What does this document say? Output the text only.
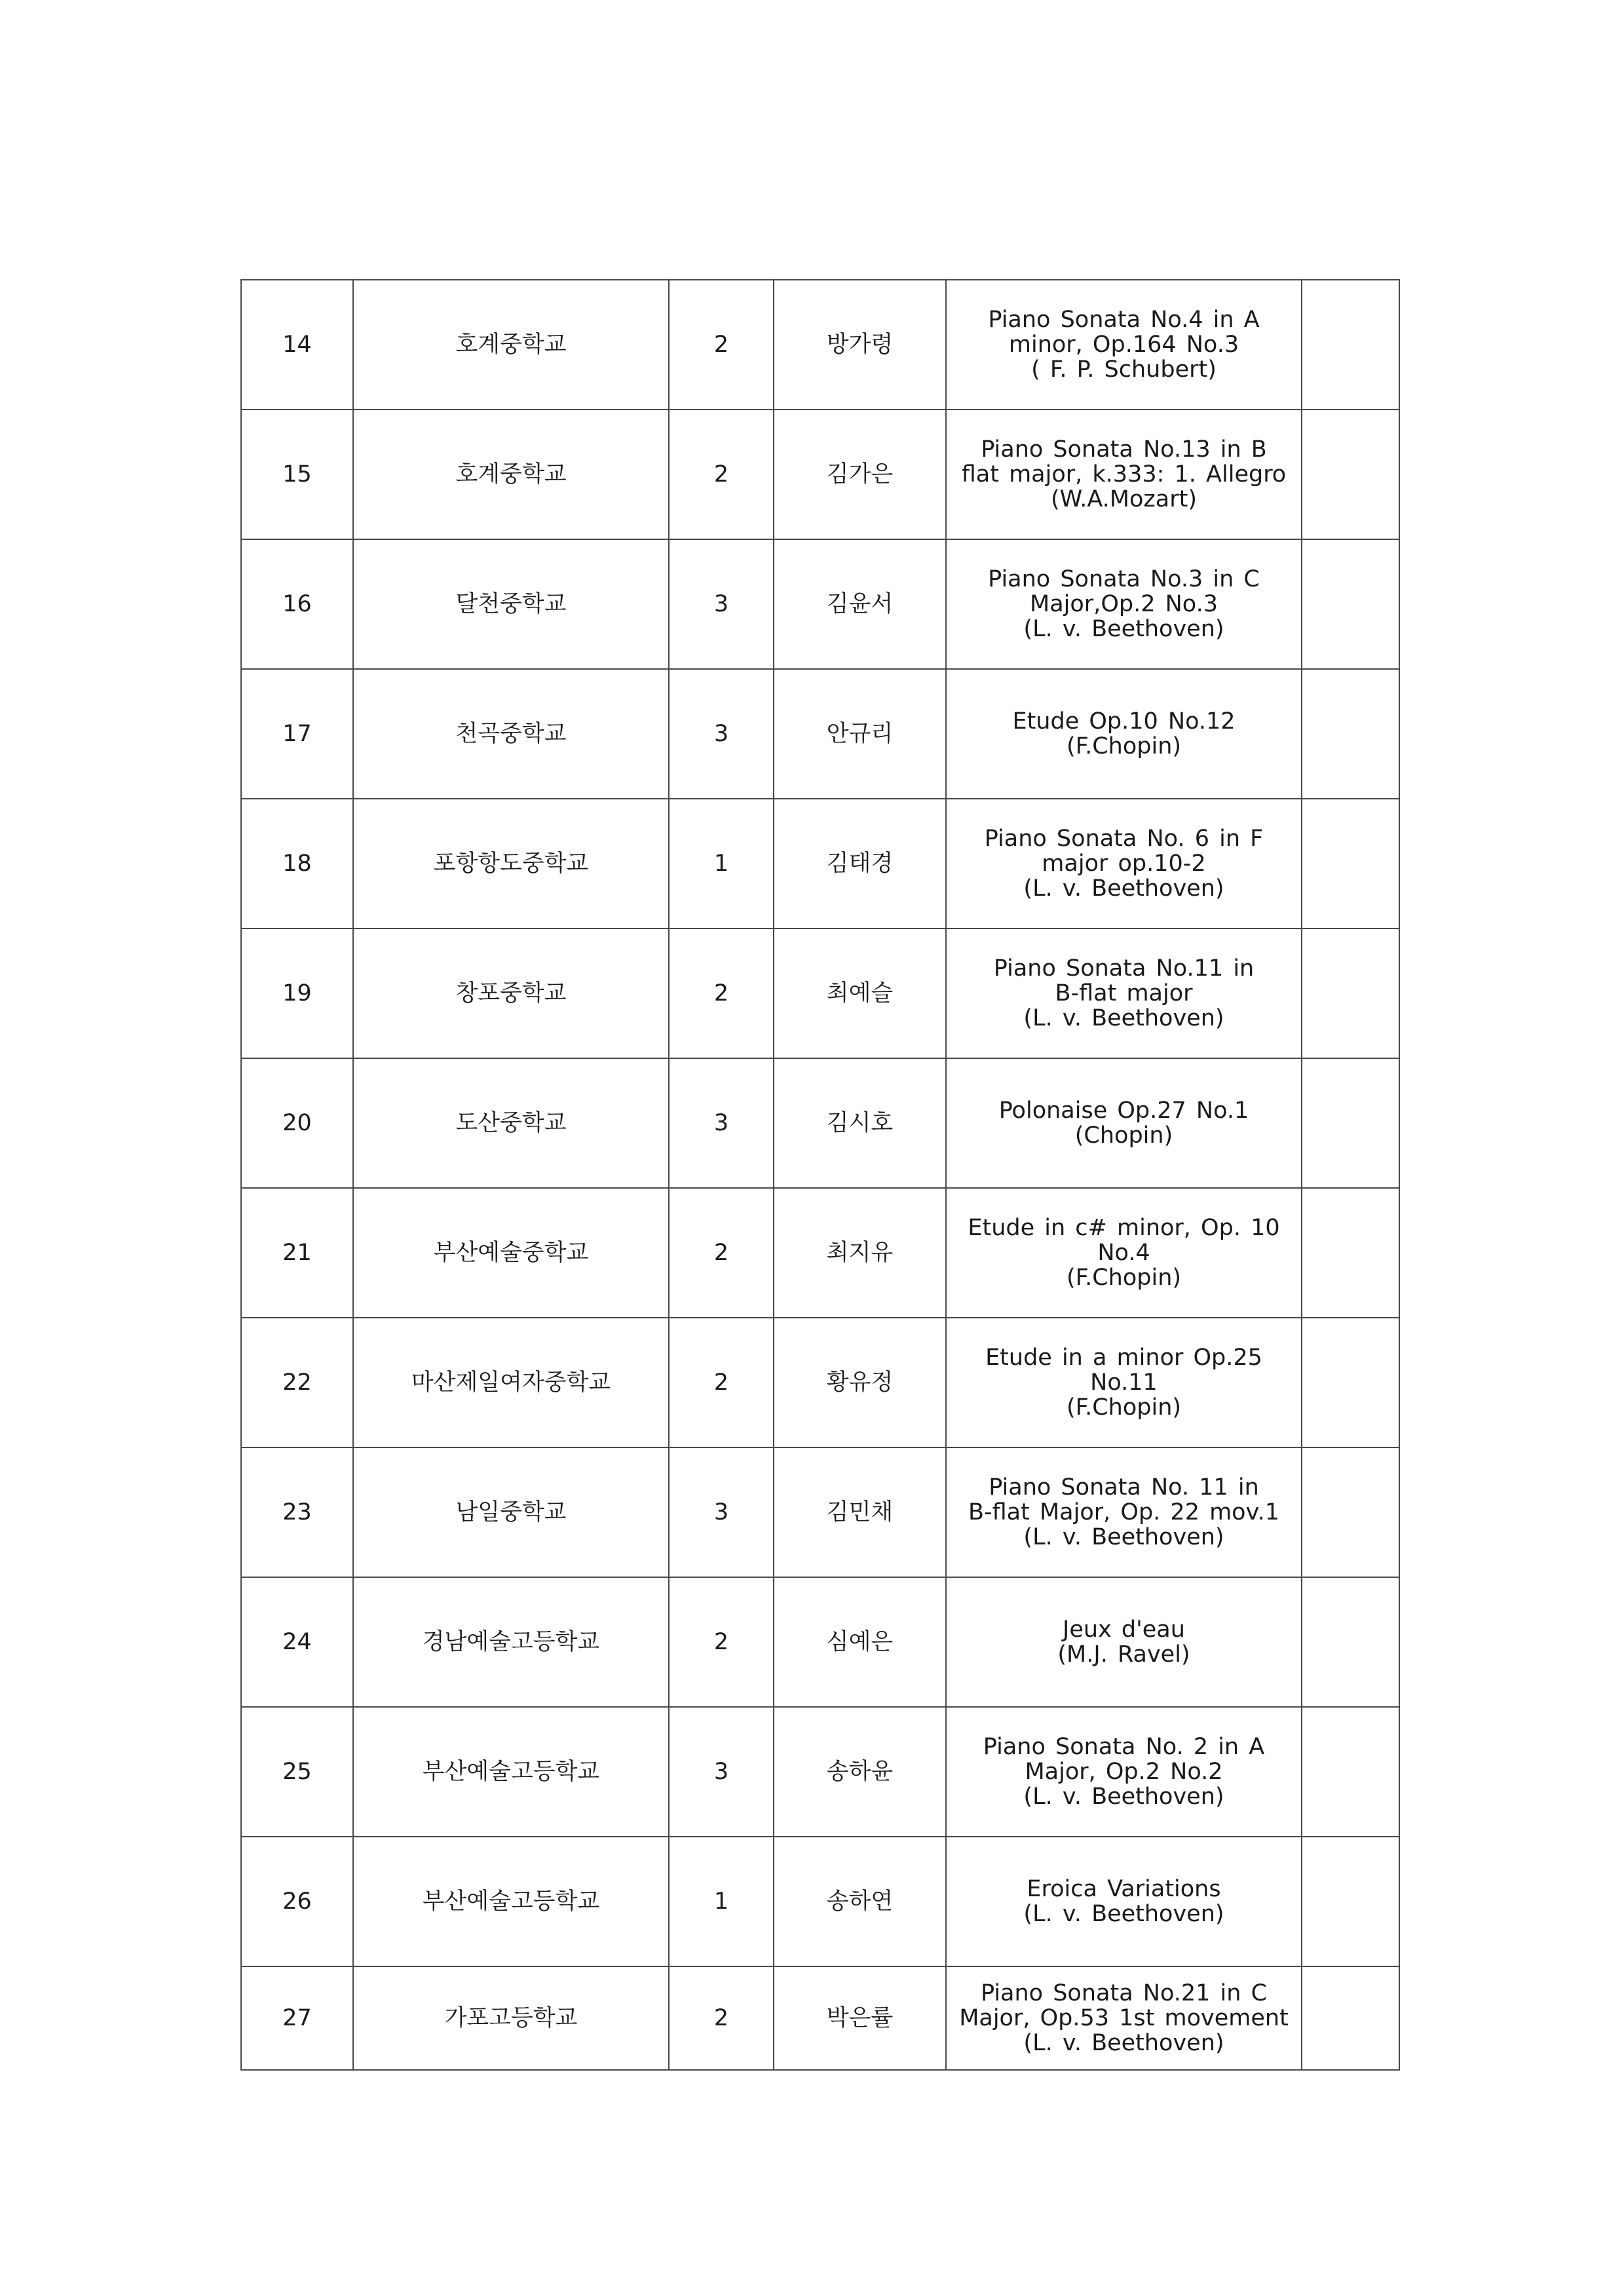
14	호계중학교	2	방가령	Piano Sonata No.4 in A
minor, Op.164 No.3
( F. P. Schubert)	

15	호계중학교	2	김가은	Piano Sonata No.13 in B
flat major, k.333: 1. Allegro
(W.A.Mozart)	

16	달천중학교	3	김윤서	Piano Sonata No.3 in C
Major,Op.2 No.3
(L. v. Beethoven)	

17	천곡중학교	3	안규리	Etude Op.10 No.12
(F.Chopin)	

18	포항항도중학교	1	김태경	Piano Sonata No. 6 in F
major op.10-2
(L. v. Beethoven)	

19	창포중학교	2	최예슬	Piano Sonata No.11 in
B-flat major
(L. v. Beethoven)	

20	도산중학교	3	김시호	Polonaise Op.27 No.1
(Chopin)	

21	부산예술중학교	2	최지유	Etude in c# minor, Op. 10
No.4
(F.Chopin)	

22	마산제일여자중학교	2	황유정	Etude in a minor Op.25
No.11
(F.Chopin)	

23	남일중학교	3	김민채	Piano Sonata No. 11 in
B-flat Major, Op. 22 mov.1
(L. v. Beethoven)	

24	경남예술고등학교	2	심예은	Jeux d'eau
(M.J. Ravel)	

25	부산예술고등학교	3	송하윤	Piano Sonata No. 2 in A
Major, Op.2 No.2
(L. v. Beethoven)	

26	부산예술고등학교	1	송하연	Eroica Variations
(L. v. Beethoven)	

27	가포고등학교	2	박은률	Piano Sonata No.21 in C
Major, Op.53 1st movement
(L. v. Beethoven)	
